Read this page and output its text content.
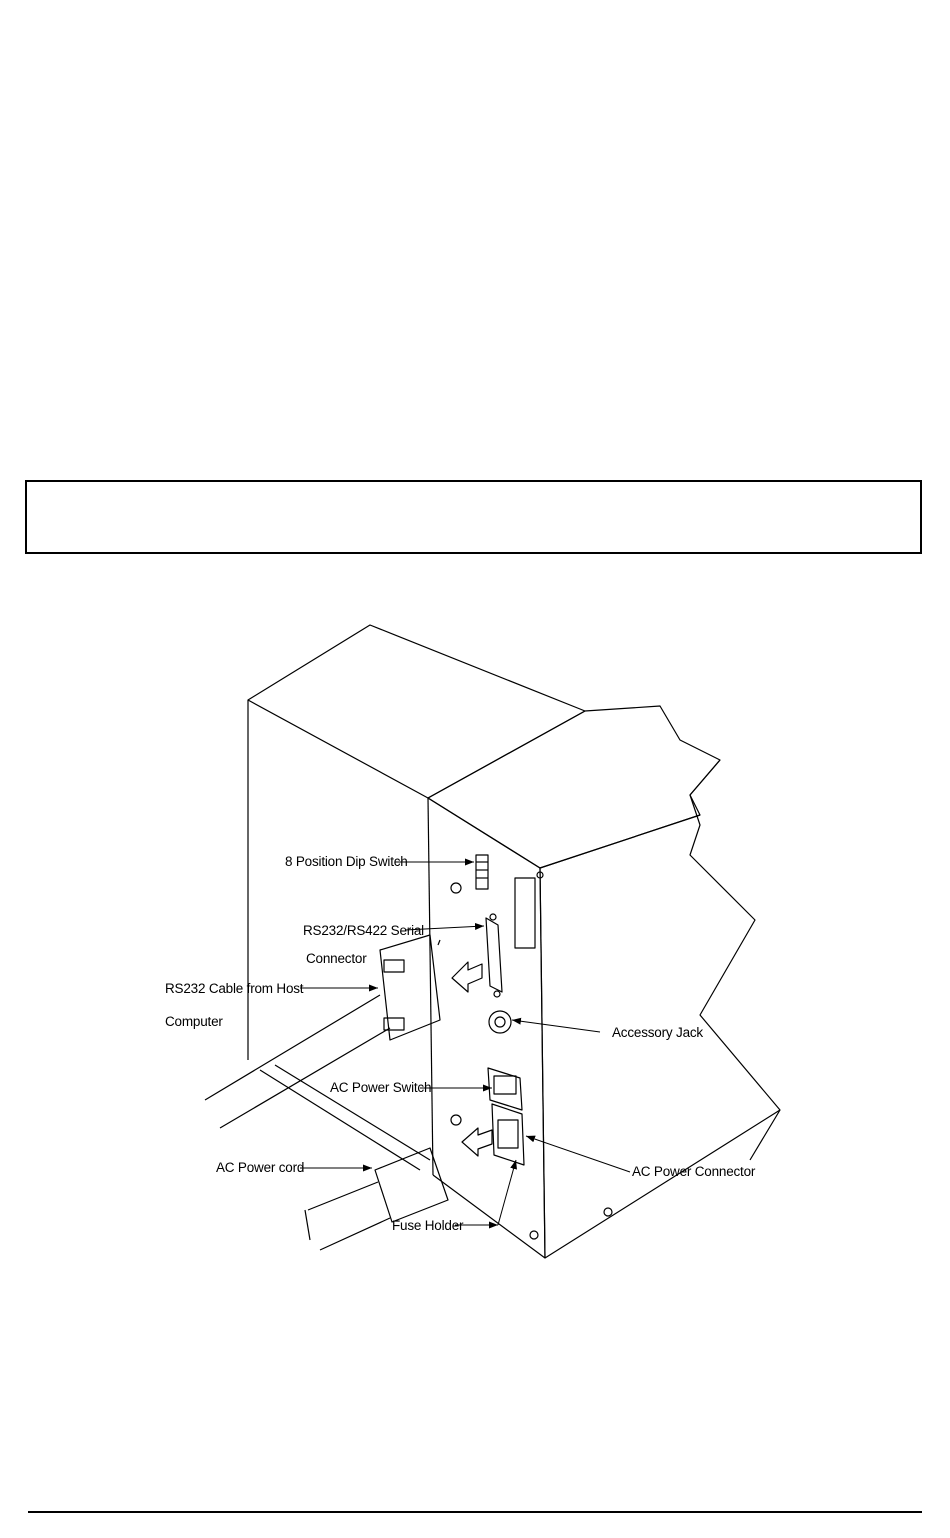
8 Position Dip Switch
RS232/RS422 Serial
Connector
RS232 Cable from Host
Computer
Accessory Jack
AC Power Switch
AC Power cord	AC Power Connector
Fuse Holder
